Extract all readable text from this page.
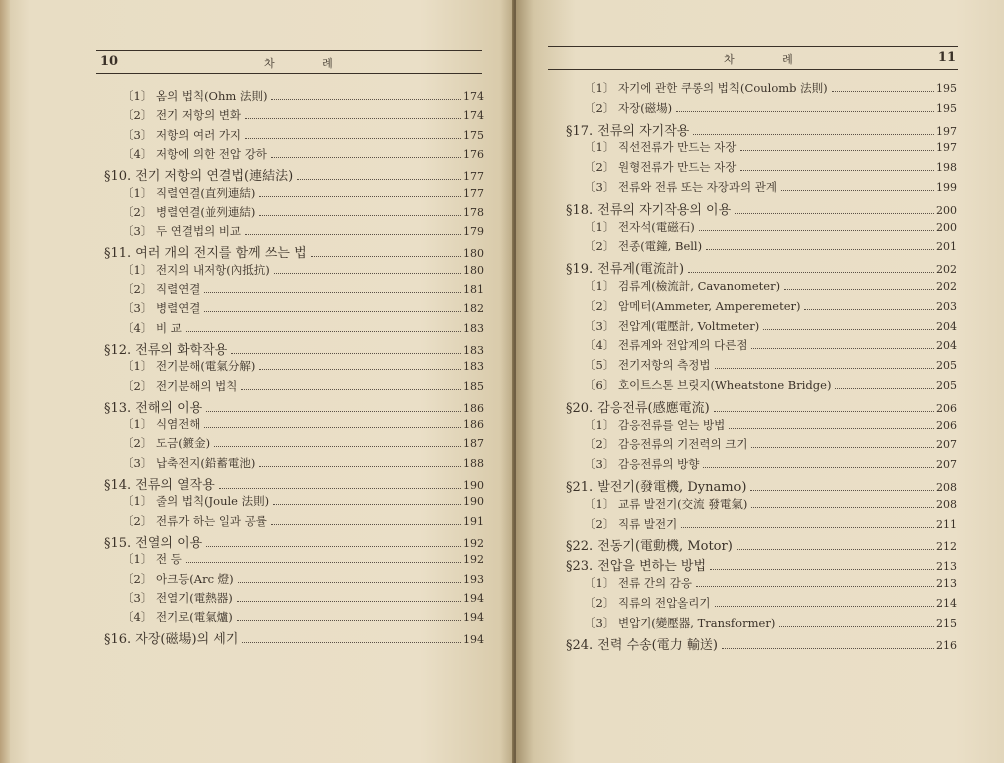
10	차 례
〔1〕 옴의 법칙(Ohm 法則)	174
〔2〕 전기 저항의 변화	174
〔3〕 저항의 여러 가지	175
〔4〕 저항에 의한 전압 강하	176
§10. 전기 저항의 연결법(連結法)	177
〔1〕 직렬연결(直列連結)	177
〔2〕 병렬연결(並列連結)	178
〔3〕 두 연결법의 비교	179
§11. 여러 개의 전지를 함께 쓰는 법	180
〔1〕 전지의 내저항(內抵抗)	180
〔2〕 직렬연결	181
〔3〕 병렬연결	182
〔4〕 비 교	183
§12. 전류의 화학작용	183
〔1〕 전기분해(電氣分解)	183
〔2〕 전기분해의 법칙	185
§13. 전해의 이용	186
〔1〕 식염전해	186
〔2〕 도금(鍍金)	187
〔3〕 납축전지(鉛蓄電池)	188
§14. 전류의 열작용	190
〔1〕 줄의 법칙(Joule 法則)	190
〔2〕 전류가 하는 일과 공률	191
§15. 전열의 이용	192
〔1〕 전 등	192
〔2〕 아크등(Arc 燈)	193
〔3〕 전열기(電熱器)	194
〔4〕 전기로(電氣爐)	194
§16. 자장(磁場)의 세기	194
차 례	11
〔1〕 자기에 관한 쿠롱의 법칙(Coulomb 法則)	195
〔2〕 자장(磁場)	195
§17. 전류의 자기작용	197
〔1〕 직선전류가 만드는 자장	197
〔2〕 원형전류가 만드는 자장	198
〔3〕 전류와 전류 또는 자장과의 관계	199
§18. 전류의 자기작용의 이용	200
〔1〕 전자석(電磁石)	200
〔2〕 전종(電鐘, Bell)	201
§19. 전류계(電流計)	202
〔1〕 검류계(檢流計, Cavanometer)	202
〔2〕 암메터(Ammeter, Amperemeter)	203
〔3〕 전압계(電壓計, Voltmeter)	204
〔4〕 전류계와 전압계의 다른점	204
〔5〕 전기저항의 측정법	205
〔6〕 호이트스톤 브릿지(Wheatstone Bridge)	205
§20. 감응전류(感應電流)	206
〔1〕 감응전류를 얻는 방법	206
〔2〕 감응전류의 기전력의 크기	207
〔3〕 감응전류의 방향	207
§21. 발전기(發電機, Dynamo)	208
〔1〕 교류 발전기(交流 發電氣)	208
〔2〕 직류 발전기	211
§22. 전동기(電動機, Motor)	212
§23. 전압을 변하는 방법	213
〔1〕 전류 간의 감응	213
〔2〕 직류의 전압올리기	214
〔3〕 변압기(變壓器, Transformer)	215
§24. 전력 수송(電力 輸送)	216
